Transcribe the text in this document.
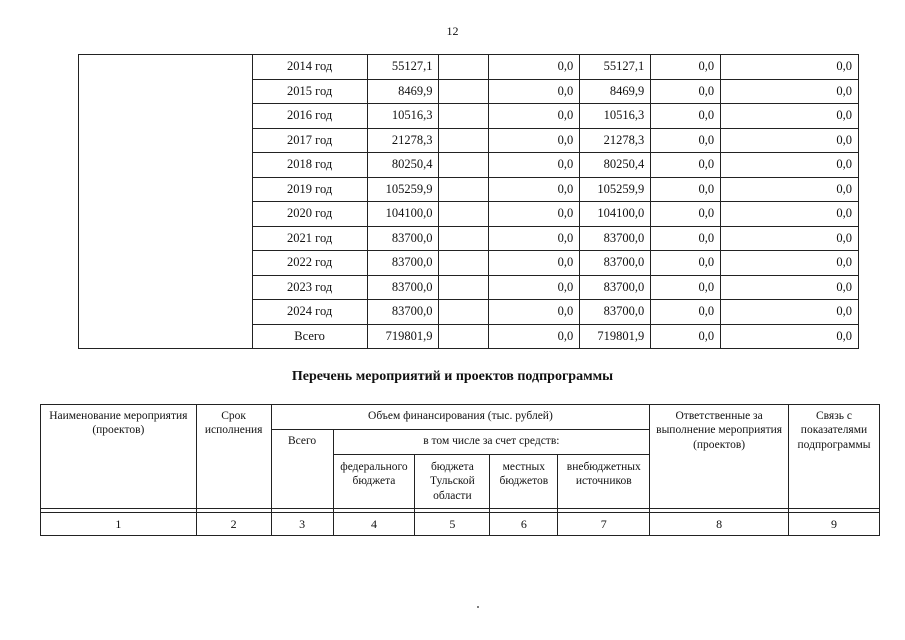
12
	2014 год	55127,1		0,0	55127,1	0,0	0,0
	2015 год	8469,9		0,0	8469,9	0,0	0,0
	2016 год	10516,3		0,0	10516,3	0,0	0,0
	2017 год	21278,3		0,0	21278,3	0,0	0,0
	2018 год	80250,4		0,0	80250,4	0,0	0,0
	2019 год	105259,9		0,0	105259,9	0,0	0,0
	2020 год	104100,0		0,0	104100,0	0,0	0,0
	2021 год	83700,0		0,0	83700,0	0,0	0,0
	2022 год	83700,0		0,0	83700,0	0,0	0,0
	2023 год	83700,0		0,0	83700,0	0,0	0,0
	2024 год	83700,0		0,0	83700,0	0,0	0,0
	Всего	719801,9		0,0	719801,9	0,0	0,0
Перечень мероприятий и проектов подпрограммы
Наименование мероприятия (проектов)	Срок исполнения	Объем финансирования (тыс. рублей)					Ответственные за выполнение мероприятия (проектов)	Связь с показателями подпрограммы
		Всего	в том числе за счет средств:					
			федерального бюджета	бюджета Тульской области	местных бюджетов	внебюджетных источников		

1	2	3	4	5	6	7	8	9
